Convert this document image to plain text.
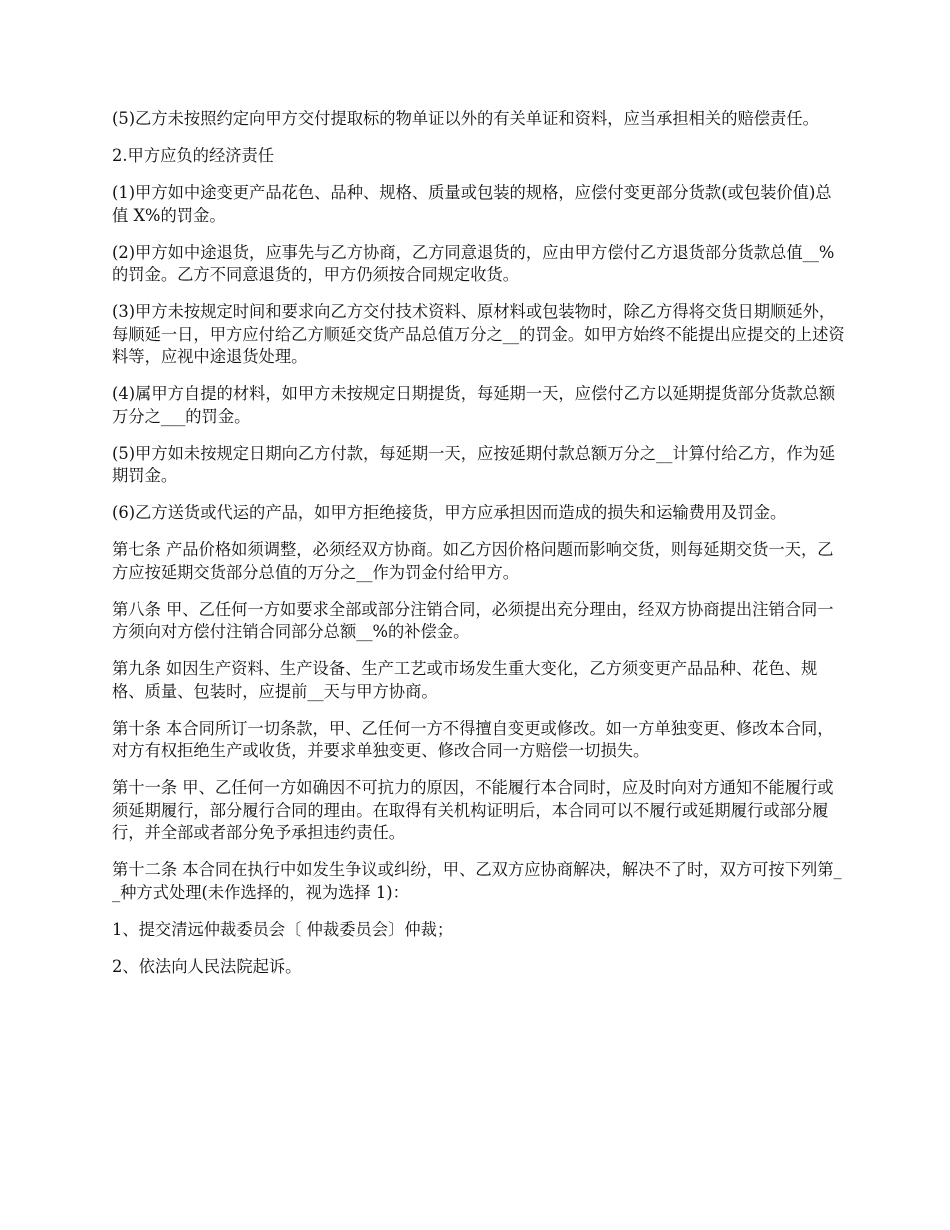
(5)乙方未按照约定向甲方交付提取标的物单证以外的有关单证和资料，应当承担相关的赔偿责任。

2.甲方应负的经济责任

(1)甲方如中途变更产品花色、品种、规格、质量或包装的规格，应偿付变更部分货款(或包装价值)总值 X%的罚金。

(2)甲方如中途退货，应事先与乙方协商，乙方同意退货的，应由甲方偿付乙方退货部分货款总值__%的罚金。乙方不同意退货的，甲方仍须按合同规定收货。

(3)甲方未按规定时间和要求向乙方交付技术资料、原材料或包装物时，除乙方得将交货日期顺延外，每顺延一日，甲方应付给乙方顺延交货产品总值万分之__的罚金。如甲方始终不能提出应提交的上述资料等，应视中途退货处理。

(4)属甲方自提的材料，如甲方未按规定日期提货，每延期一天，应偿付乙方以延期提货部分货款总额万分之___的罚金。

(5)甲方如未按规定日期向乙方付款，每延期一天，应按延期付款总额万分之__计算付给乙方，作为延期罚金。

(6)乙方送货或代运的产品，如甲方拒绝接货，甲方应承担因而造成的损失和运输费用及罚金。

第七条 产品价格如须调整，必须经双方协商。如乙方因价格问题而影响交货，则每延期交货一天，乙方应按延期交货部分总值的万分之__作为罚金付给甲方。

第八条 甲、乙任何一方如要求全部或部分注销合同，必须提出充分理由，经双方协商提出注销合同一方须向对方偿付注销合同部分总额__%的补偿金。

第九条 如因生产资料、生产设备、生产工艺或市场发生重大变化，乙方须变更产品品种、花色、规格、质量、包装时，应提前__天与甲方协商。

第十条 本合同所订一切条款，甲、乙任何一方不得擅自变更或修改。如一方单独变更、修改本合同，对方有权拒绝生产或收货，并要求单独变更、修改合同一方赔偿一切损失。

第十一条 甲、乙任何一方如确因不可抗力的原因，不能履行本合同时，应及时向对方通知不能履行或须延期履行，部分履行合同的理由。在取得有关机构证明后，本合同可以不履行或延期履行或部分履行，并全部或者部分免予承担违约责任。

第十二条 本合同在执行中如发生争议或纠纷，甲、乙双方应协商解决，解决不了时，双方可按下列第__种方式处理(未作选择的，视为选择 1)：

1、提交清远仲裁委员会〔 仲裁委员会〕仲裁；

2、依法向人民法院起诉。
